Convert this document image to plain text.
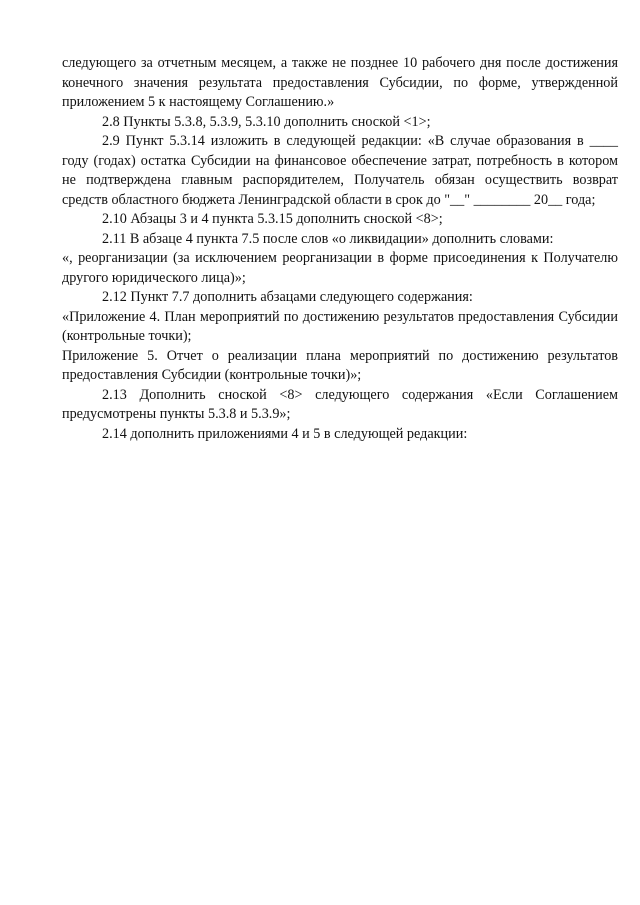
следующего за отчетным месяцем, а также не позднее 10 рабочего дня после достижения конечного значения результата предоставления Субсидии, по форме, утвержденной приложением 5 к настоящему Соглашению.»

2.8 Пункты 5.3.8, 5.3.9, 5.3.10 дополнить сноской <1>;

2.9 Пункт 5.3.14 изложить в следующей редакции: «В случае образования в ____ году (годах) остатка Субсидии на финансовое обеспечение затрат, потребность в котором не подтверждена главным распорядителем, Получатель обязан осуществить возврат средств областного бюджета Ленинградской области в срок до "__" ________ 20__ года;

2.10 Абзацы 3 и 4 пункта 5.3.15 дополнить сноской <8>;

2.11 В абзаце 4 пункта 7.5 после слов «о ликвидации» дополнить словами:

«, реорганизации (за исключением реорганизации в форме присоединения к Получателю другого юридического лица)»;

2.12 Пункт 7.7 дополнить абзацами следующего содержания:

«Приложение 4. План мероприятий по достижению результатов предоставления Субсидии (контрольные точки);

Приложение 5. Отчет о реализации плана мероприятий по достижению результатов предоставления Субсидии (контрольные точки)»;

2.13 Дополнить сноской <8> следующего содержания «Если Соглашением предусмотрены пункты 5.3.8 и 5.3.9»;

2.14 дополнить приложениями 4 и 5 в следующей редакции:
